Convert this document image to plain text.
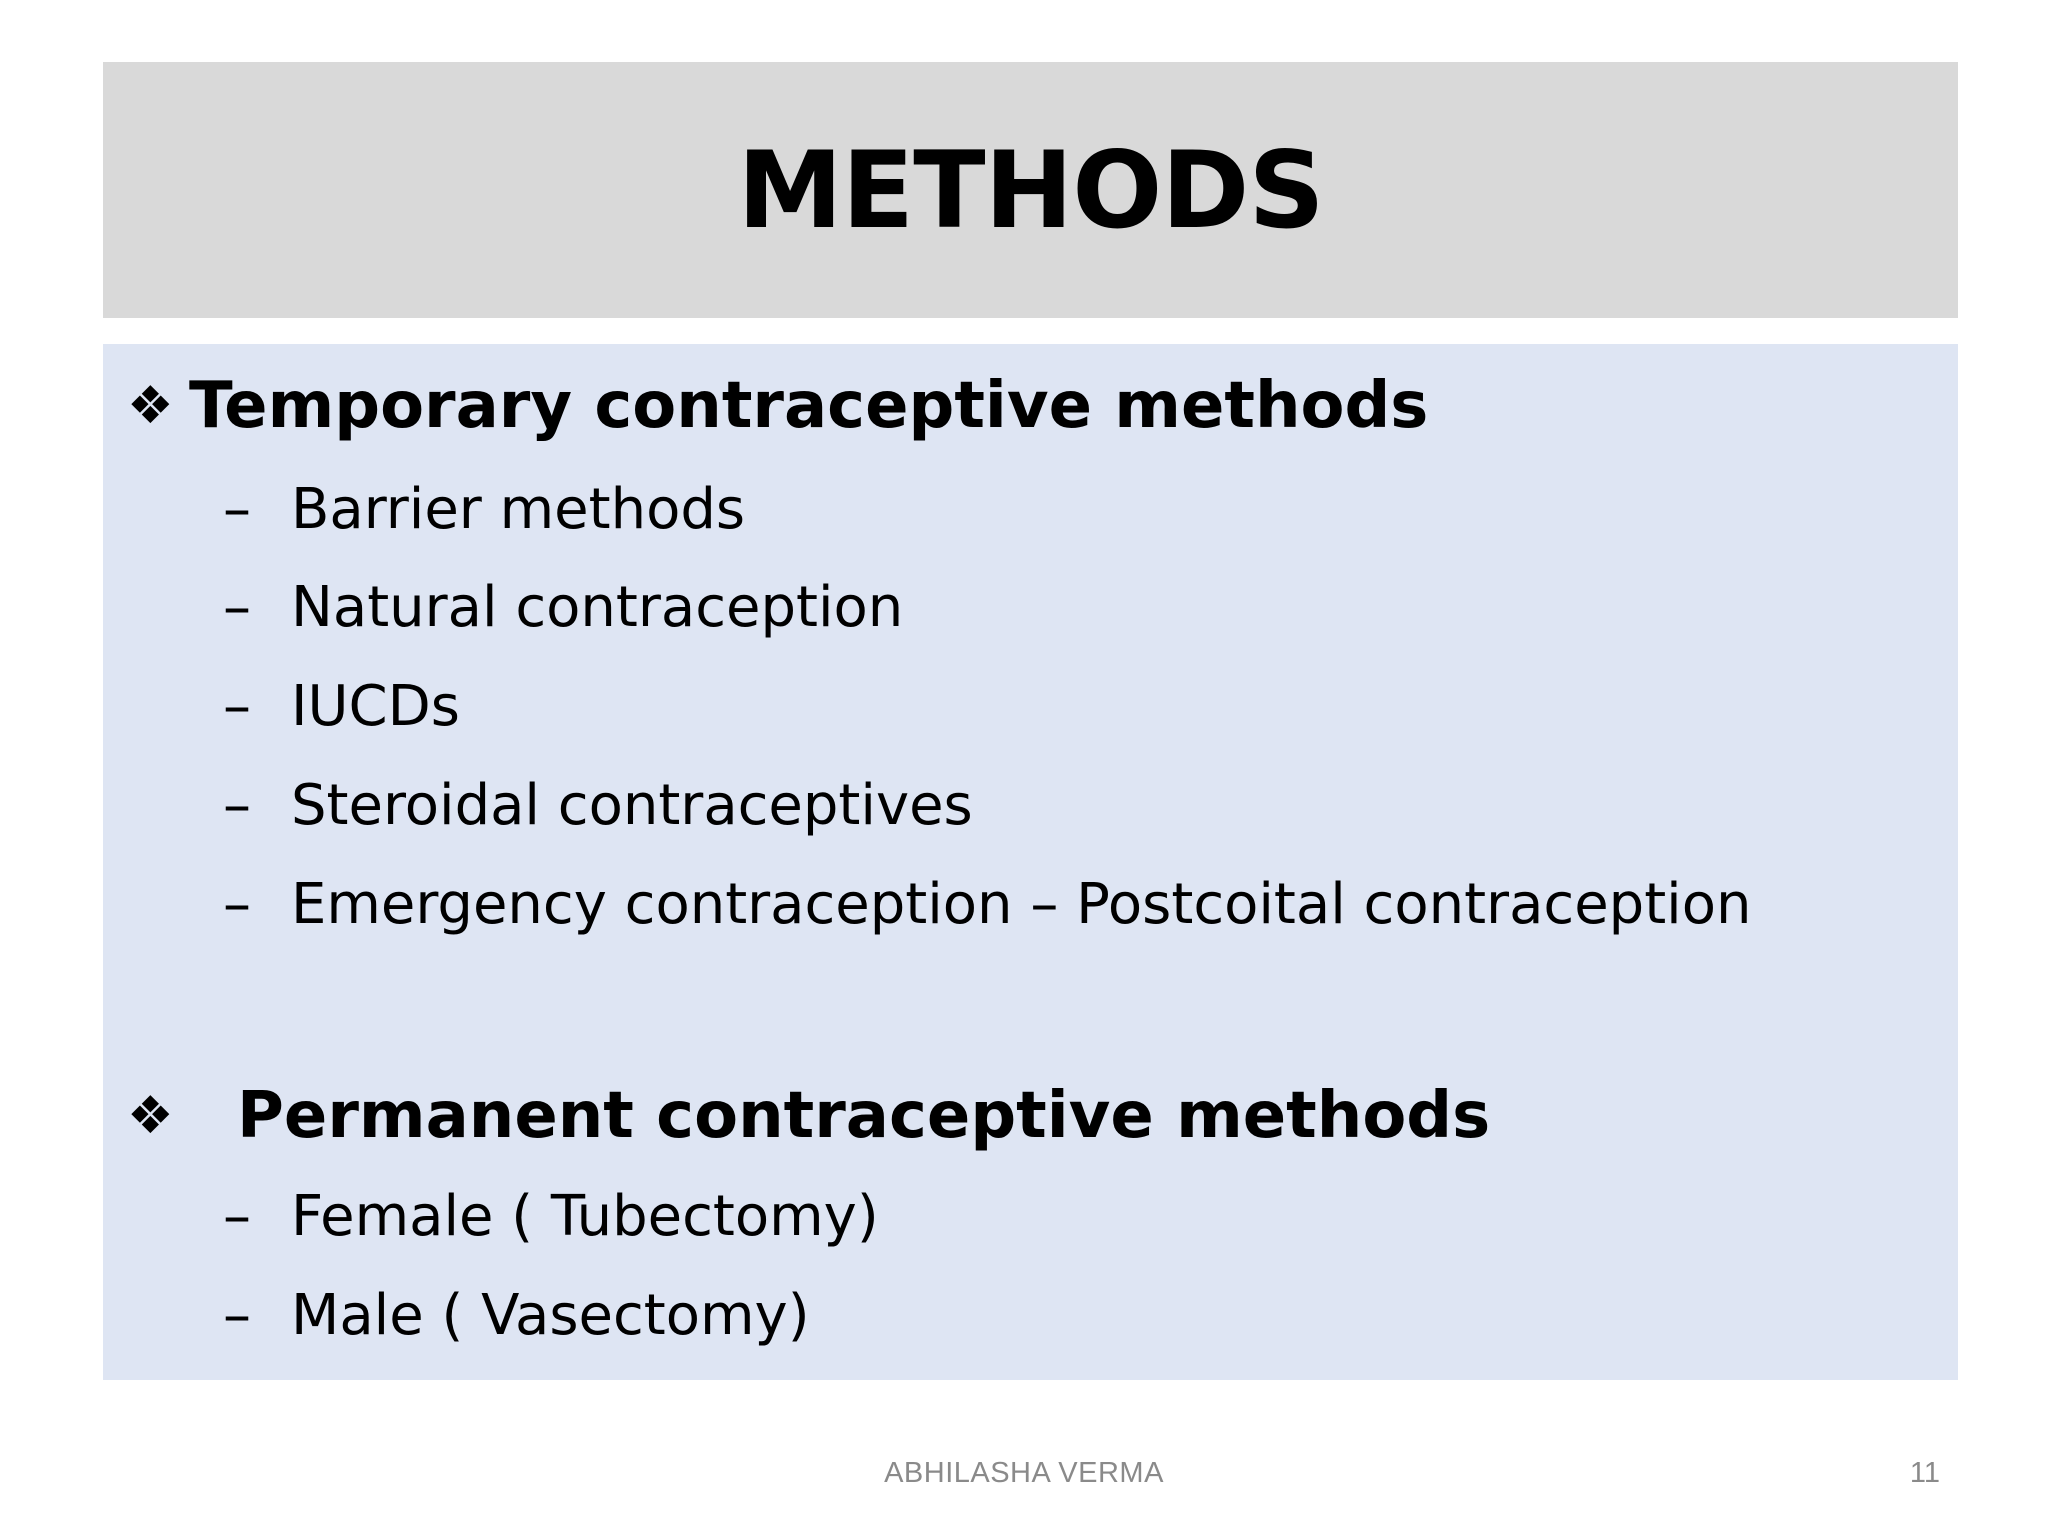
METHODS
❖ Temporary contraceptive methods
– Barrier methods
– Natural contraception
– IUCDs
– Steroidal contraceptives
– Emergency contraception – Postcoital contraception
❖ Permanent contraceptive methods
– Female ( Tubectomy)
– Male ( Vasectomy)
ABHILASHA VERMA	11
